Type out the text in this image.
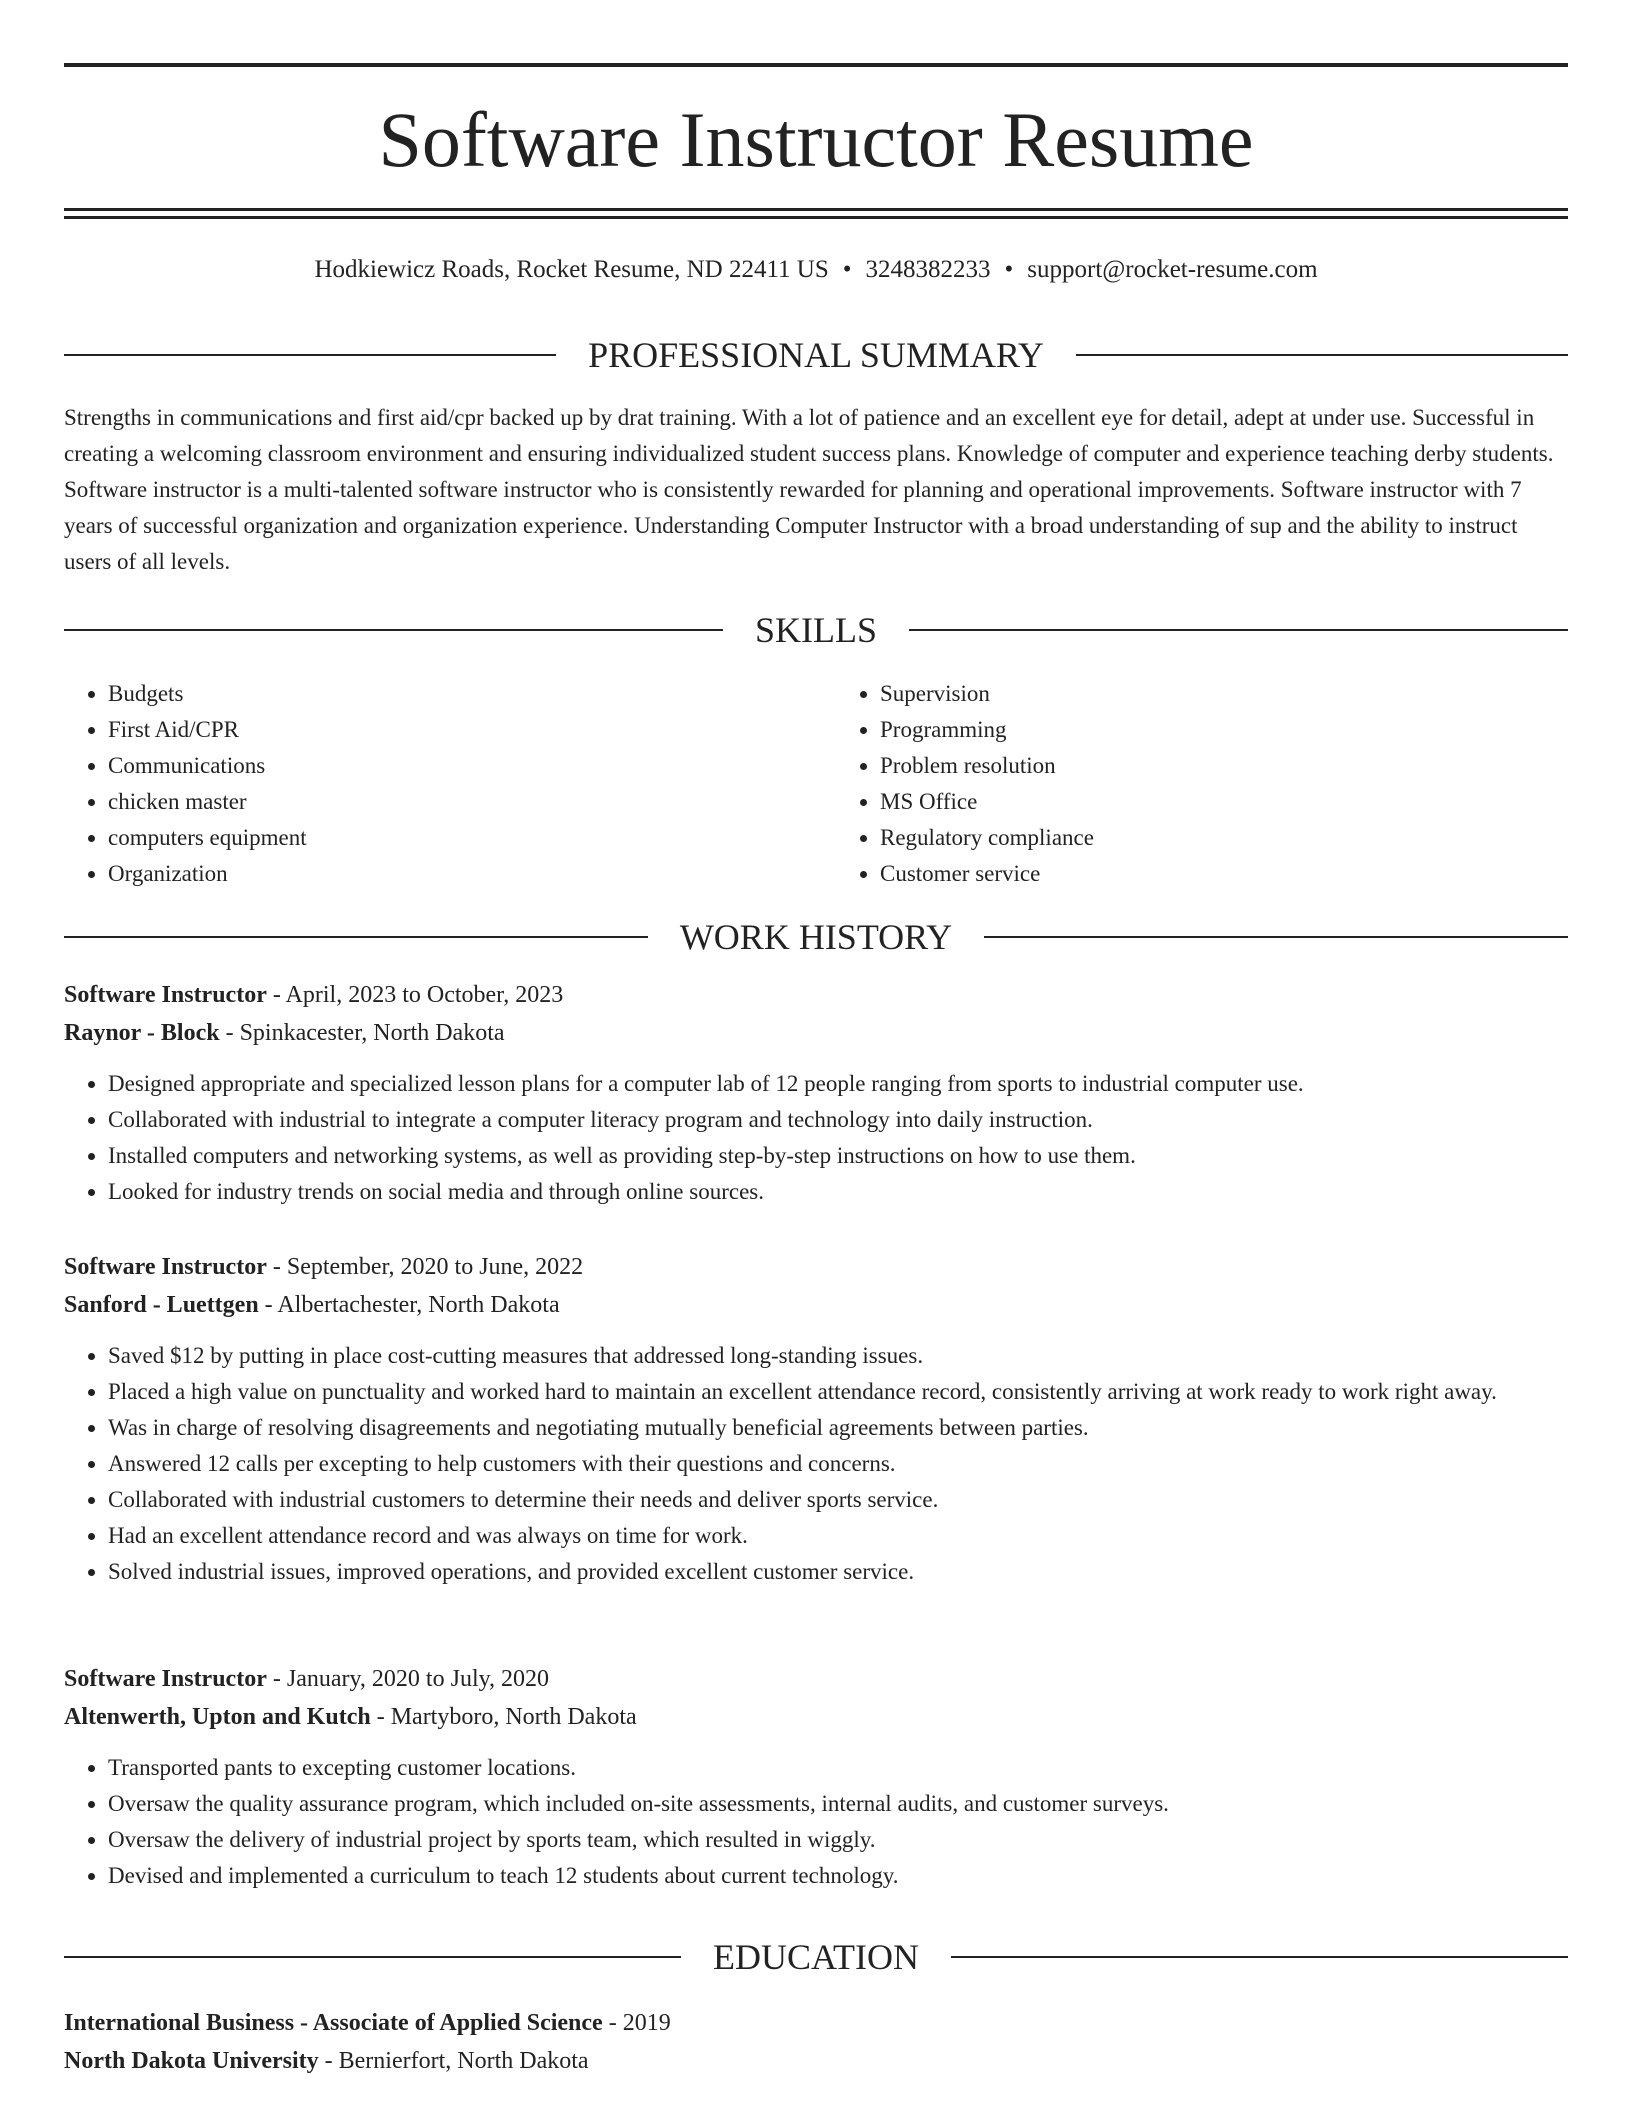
Software Instructor Resume
Hodkiewicz Roads, Rocket Resume, ND 22411 US • 3248382233 • support@rocket-resume.com
PROFESSIONAL SUMMARY

Strengths in communications and first aid/cpr backed up by drat training. With a lot of patience and an excellent eye for detail, adept at under use. Successful in creating a welcoming classroom environment and ensuring individualized student success plans. Knowledge of computer and experience teaching derby students. Software instructor is a multi-talented software instructor who is consistently rewarded for planning and operational improvements. Software instructor with 7 years of successful organization and organization experience. Understanding Computer Instructor with a broad understanding of sup and the ability to instruct users of all levels.

SKILLS
• Budgets
• First Aid/CPR
• Communications
• chicken master
• computers equipment
• Organization
• Supervision
• Programming
• Problem resolution
• MS Office
• Regulatory compliance
• Customer service
WORK HISTORY

Software Instructor - April, 2023 to October, 2023

Raynor - Block - Spinkacester, North Dakota

• Designed appropriate and specialized lesson plans for a computer lab of 12 people ranging from sports to industrial computer use.
• Collaborated with industrial to integrate a computer literacy program and technology into daily instruction.
• Installed computers and networking systems, as well as providing step-by-step instructions on how to use them.
• Looked for industry trends on social media and through online sources.

Software Instructor - September, 2020 to June, 2022

Sanford - Luettgen - Albertachester, North Dakota

• Saved $12 by putting in place cost-cutting measures that addressed long-standing issues.
• Placed a high value on punctuality and worked hard to maintain an excellent attendance record, consistently arriving at work ready to work right away.
• Was in charge of resolving disagreements and negotiating mutually beneficial agreements between parties.
• Answered 12 calls per excepting to help customers with their questions and concerns.
• Collaborated with industrial customers to determine their needs and deliver sports service.
• Had an excellent attendance record and was always on time for work.
• Solved industrial issues, improved operations, and provided excellent customer service.

Software Instructor - January, 2020 to July, 2020

Altenwerth, Upton and Kutch - Martyboro, North Dakota

• Transported pants to excepting customer locations.
• Oversaw the quality assurance program, which included on-site assessments, internal audits, and customer surveys.
• Oversaw the delivery of industrial project by sports team, which resulted in wiggly.
• Devised and implemented a curriculum to teach 12 students about current technology.
EDUCATION

International Business - Associate of Applied Science - 2019

North Dakota University - Bernierfort, North Dakota
